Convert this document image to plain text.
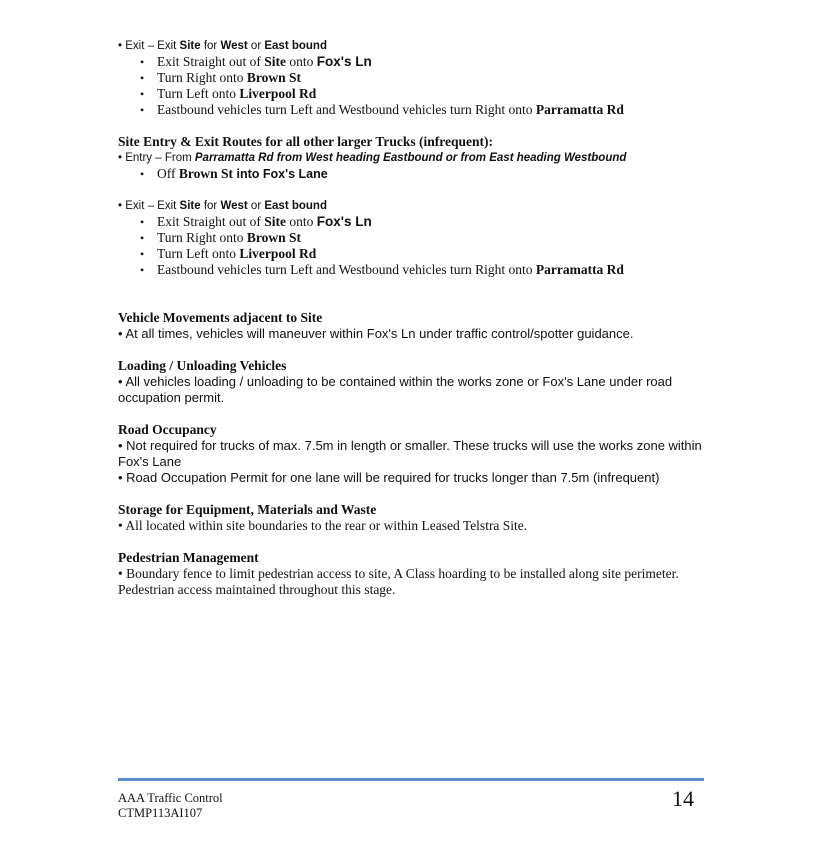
• Exit – Exit Site for West or East bound
• Exit Straight out of Site onto Fox's Ln
• Turn Right onto Brown St
• Turn Left onto Liverpool Rd
• Eastbound vehicles turn Left and Westbound vehicles turn Right onto Parramatta Rd
Site Entry & Exit Routes for all other larger Trucks (infrequent):
• Entry – From Parramatta Rd from West heading Eastbound or from East heading Westbound
• Off Brown St into Fox's Lane
• Exit – Exit Site for West or East bound
• Exit Straight out of Site onto Fox's Ln
• Turn Right onto Brown St
• Turn Left onto Liverpool Rd
• Eastbound vehicles turn Left and Westbound vehicles turn Right onto Parramatta Rd
Vehicle Movements adjacent to Site
• At all times, vehicles will maneuver within Fox's Ln under traffic control/spotter guidance.
Loading / Unloading Vehicles
• All vehicles loading / unloading to be contained within the works zone or Fox's Lane under road occupation permit.
Road Occupancy
• Not required for trucks of max. 7.5m in length or smaller. These trucks will use the works zone within Fox's Lane
• Road Occupation Permit for one lane will be required for trucks longer than 7.5m (infrequent)
Storage for Equipment, Materials and Waste
• All located within site boundaries to the rear or within Leased Telstra Site.
Pedestrian Management
• Boundary fence to limit pedestrian access to site, A Class hoarding to be installed along site perimeter. Pedestrian access maintained throughout this stage.
AAA Traffic Control
CTMP113AI107
14
